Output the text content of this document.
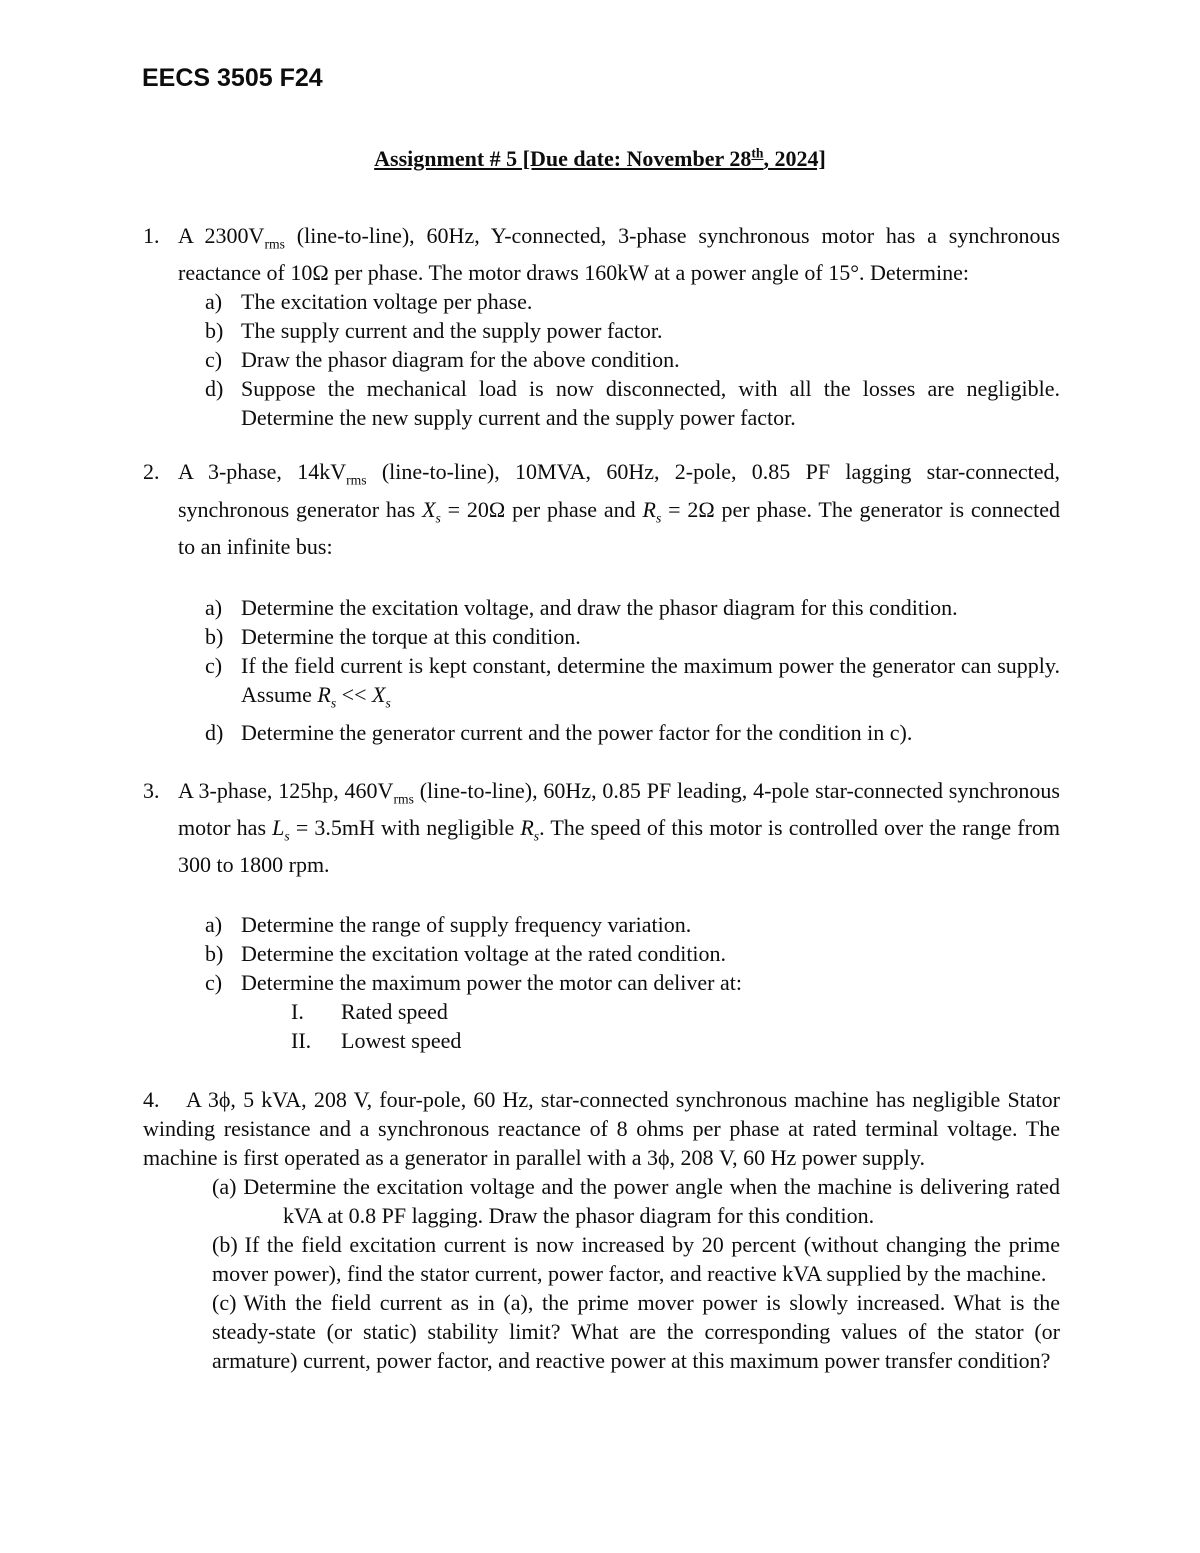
EECS 3505 F24
Assignment # 5 [Due date: November 28th, 2024]
1. A $2300V_{rms}$ (line-to-line), 60Hz, Y-connected, 3-phase synchronous motor has a synchronous reactance of 10Ω per phase. The motor draws 160kW at a power angle of 15°. Determine:
a) The excitation voltage per phase.
b) The supply current and the supply power factor.
c) Draw the phasor diagram for the above condition.
d) Suppose the mechanical load is now disconnected, with all the losses are negligible. Determine the new supply current and the supply power factor.
2. A 3-phase, $14kV_{rms}$ (line-to-line), 10MVA, 60Hz, 2-pole, 0.85 PF lagging star-connected, synchronous generator has $X_s = 20\Omega$ per phase and $R_s = 2\Omega$ per phase. The generator is connected to an infinite bus:
a) Determine the excitation voltage, and draw the phasor diagram for this condition.
b) Determine the torque at this condition.
c) If the field current is kept constant, determine the maximum power the generator can supply. Assume $R_s << X_s$
d) Determine the generator current and the power factor for the condition in c).
3. A 3-phase, 125hp, $460V_{rms}$ (line-to-line), 60Hz, 0.85 PF leading, 4-pole star-connected synchronous motor has $L_s = 3.5mH$ with negligible $R_s$. The speed of this motor is controlled over the range from 300 to 1800 rpm.
a) Determine the range of supply frequency variation.
b) Determine the excitation voltage at the rated condition.
c) Determine the maximum power the motor can deliver at:
I.	Rated speed
II.	Lowest speed
4. A 3ϕ, 5 kVA, 208 V, four-pole, 60 Hz, star-connected synchronous machine has negligible Stator winding resistance and a synchronous reactance of 8 ohms per phase at rated terminal voltage. The machine is first operated as a generator in parallel with a 3ϕ, 208 V, 60 Hz power supply.
(a) Determine the excitation voltage and the power angle when the machine is delivering rated kVA at 0.8 PF lagging. Draw the phasor diagram for this condition.
(b) If the field excitation current is now increased by 20 percent (without changing the prime mover power), find the stator current, power factor, and reactive kVA supplied by the machine.
(c) With the field current as in (a), the prime mover power is slowly increased. What is the steady-state (or static) stability limit? What are the corresponding values of the stator (or armature) current, power factor, and reactive power at this maximum power transfer condition?
